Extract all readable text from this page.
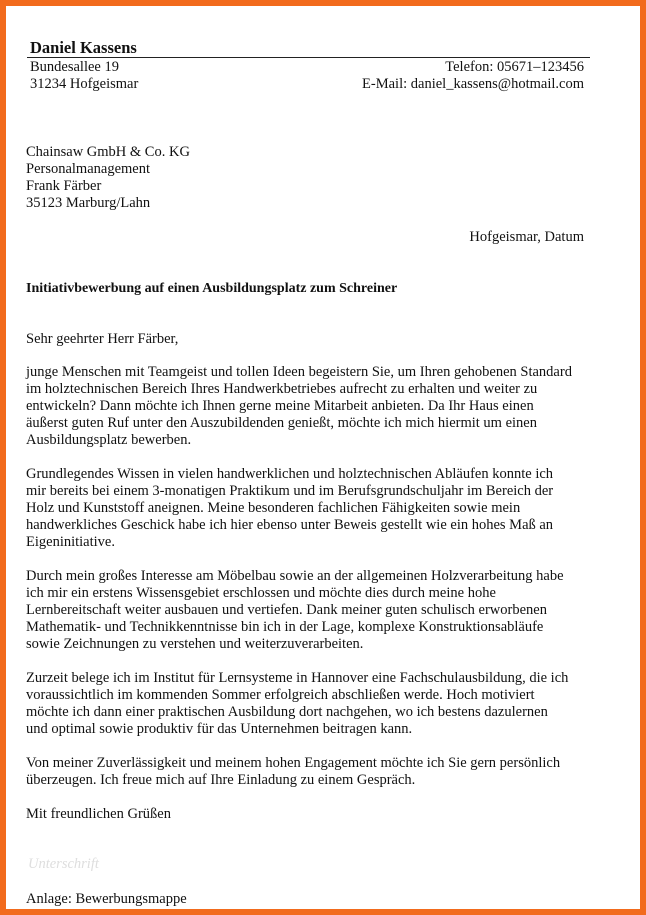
Daniel Kassens
Bundesallee 19
31234 Hofgeismar
Telefon: 05671–123456
E-Mail: daniel_kassens@hotmail.com
Chainsaw GmbH & Co. KG
Personalmanagement
Frank Färber
35123 Marburg/Lahn
Hofgeismar, Datum
Initiativbewerbung auf einen Ausbildungsplatz zum Schreiner
Sehr geehrter Herr Färber,
junge Menschen mit Teamgeist und tollen Ideen begeistern Sie, um Ihren gehobenen Standard
im holztechnischen Bereich Ihres Handwerkbetriebes aufrecht zu erhalten und weiter zu
entwickeln? Dann möchte ich Ihnen gerne meine Mitarbeit anbieten. Da Ihr Haus einen
äußerst guten Ruf unter den Auszubildenden genießt, möchte ich mich hiermit um einen
Ausbildungsplatz bewerben.
Grundlegendes Wissen in vielen handwerklichen und holztechnischen Abläufen konnte ich
mir bereits bei einem 3-monatigen Praktikum und im Berufsgrundschuljahr im Bereich der
Holz und Kunststoff aneignen. Meine besonderen fachlichen Fähigkeiten sowie mein
handwerkliches Geschick habe ich hier ebenso unter Beweis gestellt wie ein hohes Maß an
Eigeninitiative.
Durch mein großes Interesse am Möbelbau sowie an der allgemeinen Holzverarbeitung habe
ich mir ein erstens Wissensgebiet erschlossen und möchte dies durch meine hohe
Lernbereitschaft weiter ausbauen und vertiefen. Dank meiner guten schulisch erworbenen
Mathematik- und Technikkenntnisse bin ich in der Lage, komplexe Konstruktionsabläufe
sowie Zeichnungen zu verstehen und weiterzuverarbeiten.
Zurzeit belege ich im Institut für Lernsysteme in Hannover eine Fachschulausbildung, die ich
voraussichtlich im kommenden Sommer erfolgreich abschließen werde. Hoch motiviert
möchte ich dann einer praktischen Ausbildung dort nachgehen, wo ich bestens dazulernen
und optimal sowie produktiv für das Unternehmen beitragen kann.
Von meiner Zuverlässigkeit und meinem hohen Engagement möchte ich Sie gern persönlich
überzeugen. Ich freue mich auf Ihre Einladung zu einem Gespräch.
Mit freundlichen Grüßen
Unterschrift
Anlage: Bewerbungsmappe
